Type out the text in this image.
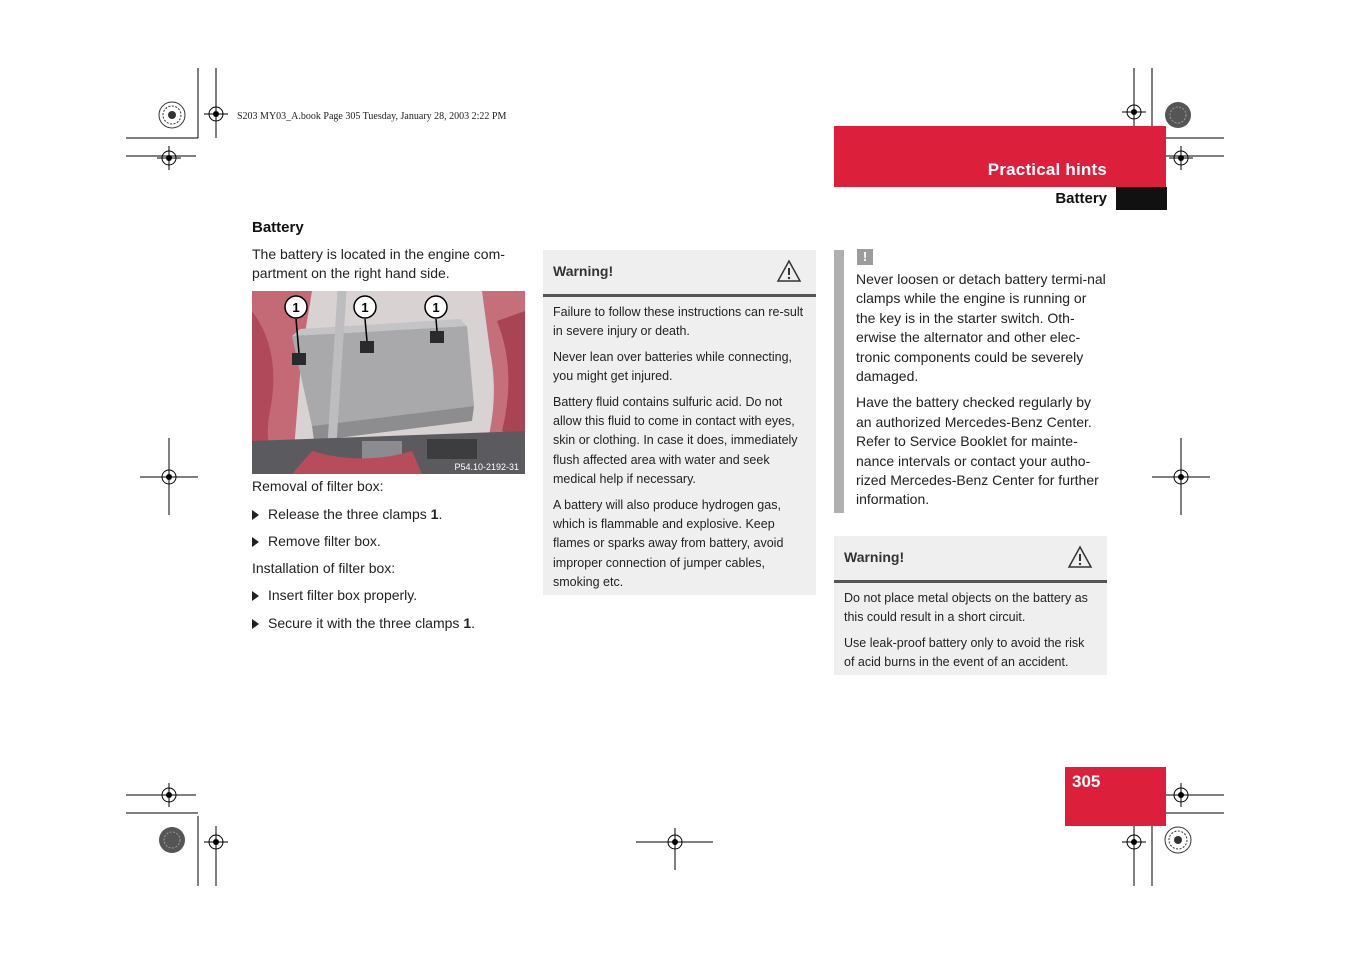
S203 MY03_A.book Page 305 Tuesday, January 28, 2003 2:22 PM
Practical hints
Battery
Battery
The battery is located in the engine com-partment on the right hand side.
1	1	1
P54.10-2192-31
Removal of filter box:
Release the three clamps 1.
Remove filter box.
Installation of filter box:
Insert filter box properly.
Secure it with the three clamps 1.
Warning!

Failure to follow these instructions can re-sult in severe injury or death.

Never lean over batteries while connecting, you might get injured.

Battery fluid contains sulfuric acid. Do not allow this fluid to come in contact with eyes, skin or clothing. In case it does, immediately flush affected area with water and seek medical help if necessary.

A battery will also produce hydrogen gas, which is flammable and explosive. Keep flames or sparks away from battery, avoid improper connection of jumper cables, smoking etc.

!

Never loosen or detach battery termi-nal clamps while the engine is running or the key is in the starter switch. Oth-erwise the alternator and other elec-tronic components could be severely damaged.

Have the battery checked regularly by an authorized Mercedes-Benz Center. Refer to Service Booklet for mainte-nance intervals or contact your autho-rized Mercedes-Benz Center for further information.

Warning!

Do not place metal objects on the battery as this could result in a short circuit.

Use leak-proof battery only to avoid the risk of acid burns in the event of an accident.

305
